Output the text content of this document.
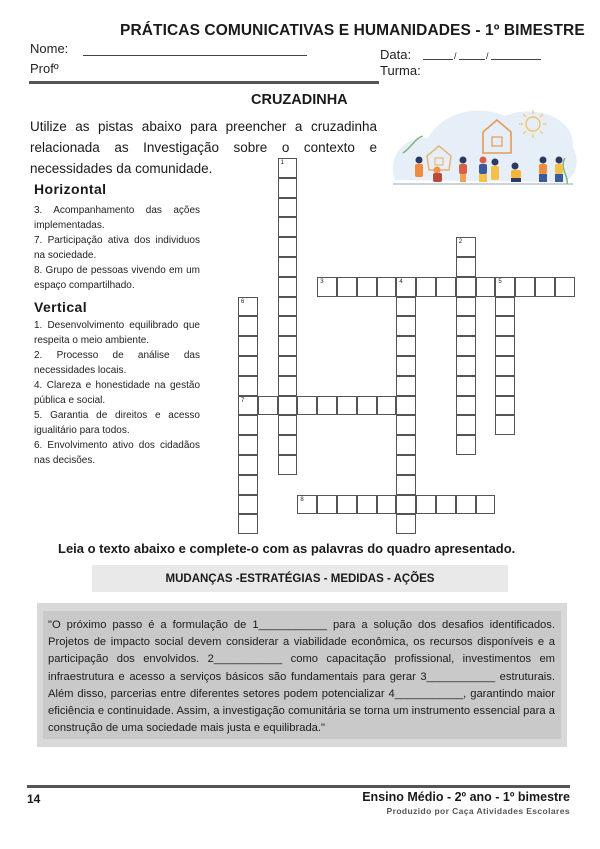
PRÁTICAS COMUNICATIVAS E HUMANIDADES - 1º BIMESTRE
Nome:
Profº
Data:	/	/
Turma:
CRUZADINHA
Utilize as pistas abaixo para preencher a cruzadinha relacionada as Investigação sobre o contexto e necessidades da comunidade.
Horizontal

3. Acompanhamento das ações implementadas.

7. Participação ativa dos individuos na sociedade.

8. Grupo de pessoas vivendo em um espaço compartilhado.

Vertical

1. Desenvolvimento equilibrado que respeita o meio ambiente.

2. Processo de análise das necessidades locais.

4. Clareza e honestidade na gestão pública e social.

5. Garantia de direitos e acesso igualitário para todos.

6. Envolvimento ativo dos cidadãos nas decisões.

1
2
3	4	5
6
7
8
Leia o texto abaixo e complete-o com as palavras do quadro apresentado.
MUDANÇAS -ESTRATÉGIAS - MEDIDAS - AÇÕES

"O próximo passo é a formulação de 1___________ para a solução dos desafios identificados. Projetos de impacto social devem considerar a viabilidade econômica, os recursos disponíveis e a participação dos envolvidos. 2___________ como capacitação profissional, investimentos em infraestrutura e acesso a serviços básicos são fundamentais para gerar 3___________ estruturais. Além disso, parcerias entre diferentes setores podem potencializar 4___________, garantindo maior eficiência e continuidade. Assim, a investigação comunitária se torna um instrumento essencial para a construção de uma sociedade mais justa e equilibrada."

14	Ensino Médio - 2º ano - 1º bimestre
Produzido por Caça Atividades Escolares
